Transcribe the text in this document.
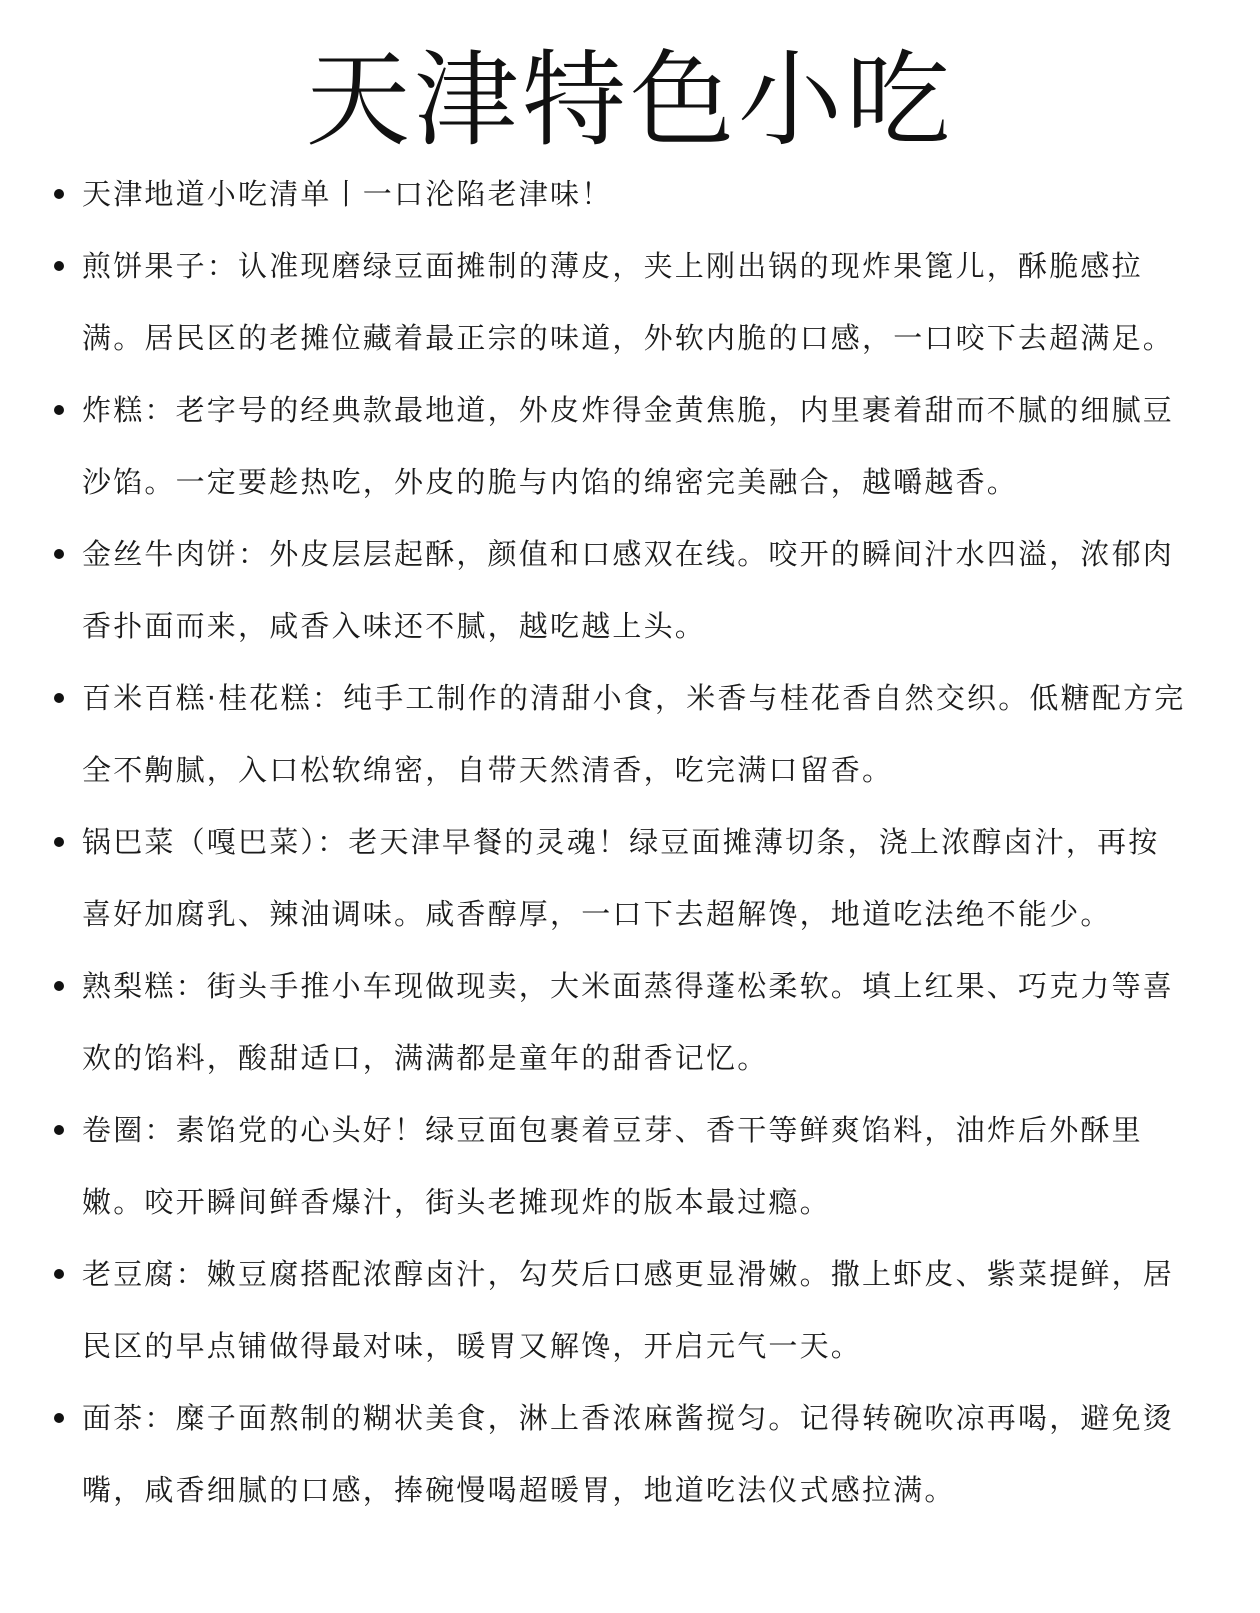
天津特色小吃
天津地道小吃清单丨一口沦陷老津味！
煎饼果子：认准现磨绿豆面摊制的薄皮，夹上刚出锅的现炸果篦儿，酥脆感拉满。居民区的老摊位藏着最正宗的味道，外软内脆的口感，一口咬下去超满足。
炸糕：老字号的经典款最地道，外皮炸得金黄焦脆，内里裹着甜而不腻的细腻豆沙馅。一定要趁热吃，外皮的脆与内馅的绵密完美融合，越嚼越香。
金丝牛肉饼：外皮层层起酥，颜值和口感双在线。咬开的瞬间汁水四溢，浓郁肉香扑面而来，咸香入味还不腻，越吃越上头。
百米百糕·桂花糕：纯手工制作的清甜小食，米香与桂花香自然交织。低糖配方完全不齁腻，入口松软绵密，自带天然清香，吃完满口留香。
锅巴菜（嘎巴菜）：老天津早餐的灵魂！绿豆面摊薄切条，浇上浓醇卤汁，再按喜好加腐乳、辣油调味。咸香醇厚，一口下去超解馋，地道吃法绝不能少。
熟梨糕：街头手推小车现做现卖，大米面蒸得蓬松柔软。填上红果、巧克力等喜欢的馅料，酸甜适口，满满都是童年的甜香记忆。
卷圈：素馅党的心头好！绿豆面包裹着豆芽、香干等鲜爽馅料，油炸后外酥里嫩。咬开瞬间鲜香爆汁，街头老摊现炸的版本最过瘾。
老豆腐：嫩豆腐搭配浓醇卤汁，勾芡后口感更显滑嫩。撒上虾皮、紫菜提鲜，居民区的早点铺做得最对味，暖胃又解馋，开启元气一天。
面茶：糜子面熬制的糊状美食，淋上香浓麻酱搅匀。记得转碗吹凉再喝，避免烫嘴，咸香细腻的口感，捧碗慢喝超暖胃，地道吃法仪式感拉满。
